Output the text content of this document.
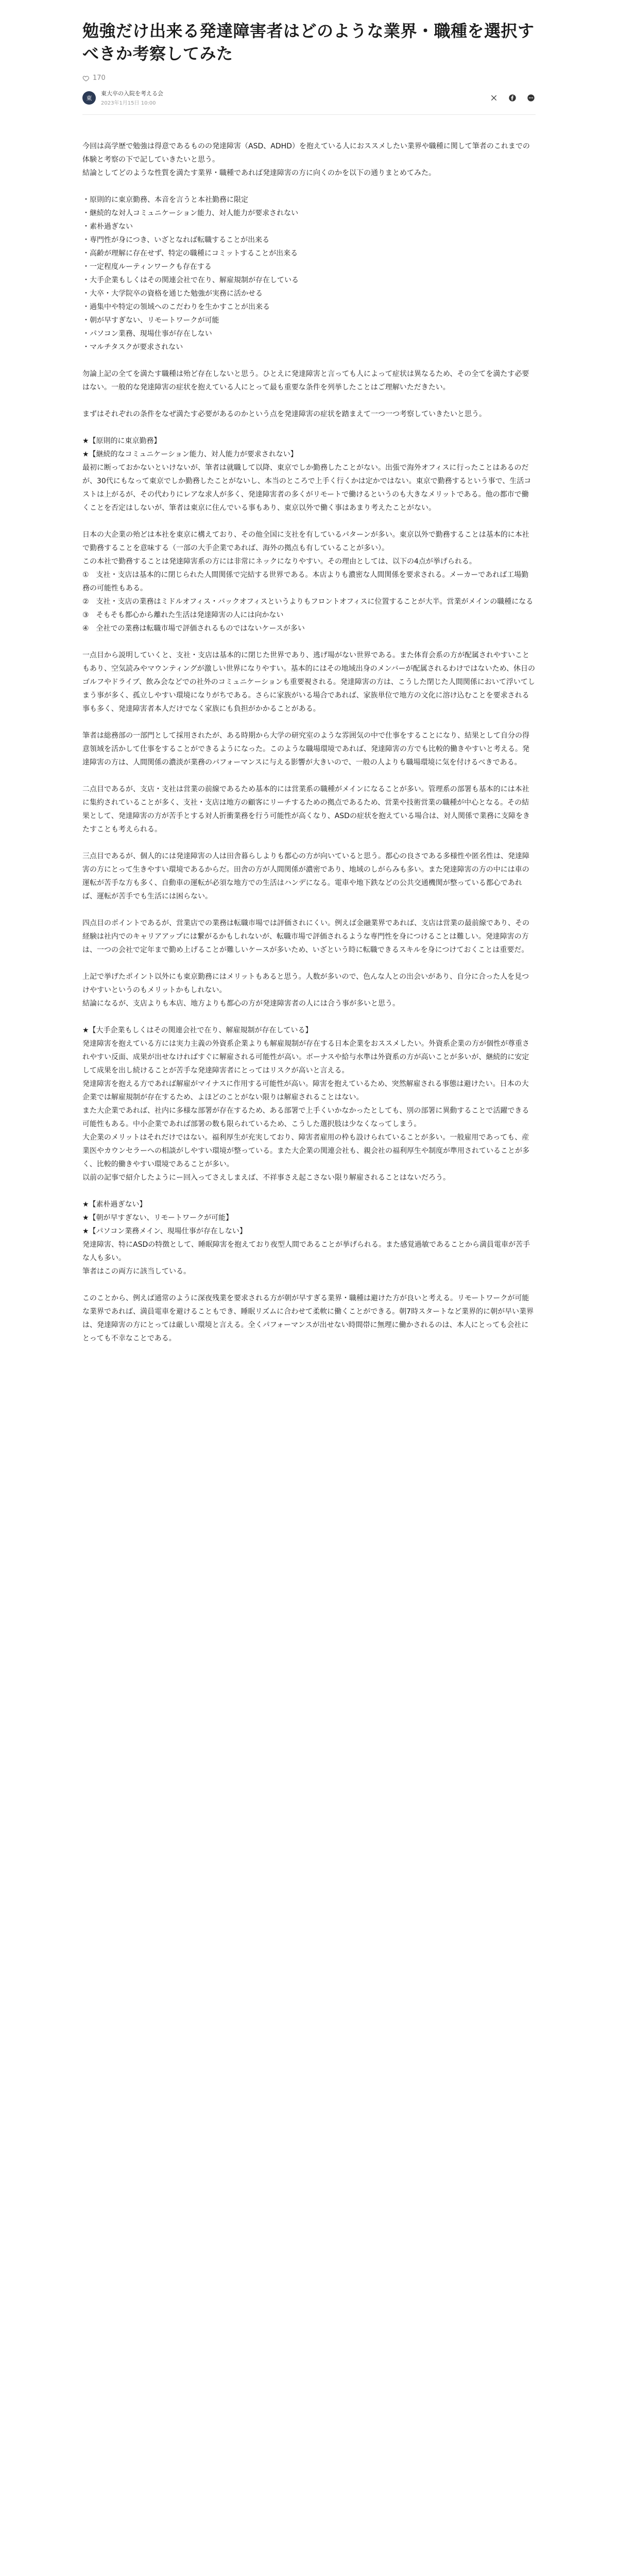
勉強だけ出来る発達障害者はどのような業界・職種を選択すべきか考察してみた
170
東
東大卒の入院を考える会
2023年1月15日 10:00

今回は高学歴で勉強は得意であるものの発達障害（ASD、ADHD）を抱えている人におススメしたい業界や職種に関して筆者のこれまでの体験と考察の下で記していきたいと思う。
結論としてどのような性質を満たす業界・職種であれば発達障害の方に向くのかを以下の通りまとめてみた。

・原則的に東京勤務、本音を言うと本社勤務に限定
・継続的な対人コミュニケーション能力、対人能力が要求されない
・素朴過ぎない
・専門性が身につき、いざとなれば転職することが出来る
・高齢が理解に存在せず、特定の職種にコミットすることが出来る
・一定程度ルーティンワークも存在する
・大手企業もしくはその関連会社で在り、解雇規制が存在している
・大卒・大学院卒の資格を通じた勉強が実務に活かせる
・過集中や特定の領域へのこだわりを生かすことが出来る
・朝が早すぎない、リモートワークが可能
・パソコン業務、現場仕事が存在しない
・マルチタスクが要求されない

勿論上記の全てを満たす職種は殆ど存在しないと思う。ひとえに発達障害と言っても人によって症状は異なるため、その全てを満たす必要はない。一般的な発達障害の症状を抱えている人にとって最も重要な条件を列挙したことはご理解いただきたい。

まずはそれぞれの条件をなぜ満たす必要があるのかという点を発達障害の症状を踏まえて一つ一つ考察していきたいと思う。

★【原則的に東京勤務】
★【継続的なコミュニケーション能力、対人能力が要求されない】
最初に断っておかないといけないが、筆者は就職して以降、東京でしか勤務したことがない。出張で海外オフィスに行ったことはあるのだが、30代にもなって東京でしか勤務したことがないし、本当のところで上手く行くかは定かではない。東京で勤務するという事で、生活コストは上がるが、その代わりにレアな求人が多く、発達障害者の多くがリモートで働けるというのも大きなメリットである。他の都市で働くことを否定はしないが、筆者は東京に住んでいる事もあり、東京以外で働く事はあまり考えたことがない。

日本の大企業の殆どは本社を東京に構えており、その他全国に支社を有しているパターンが多い。東京以外で勤務することは基本的に本社で勤務することを意味する（一部の大手企業であれば、海外の拠点も有していることが多い）。
この本社で勤務することは発達障害系の方には非常にネックになりやすい。その理由としては、以下の4点が挙げられる。
①　支社・支店は基本的に閉じられた人間関係で完結する世界である。本店よりも濃密な人間関係を要求される。メーカーであれば工場勤務の可能性もある。
②　支社・支店の業務はミドルオフィス・バックオフィスというよりもフロントオフィスに位置することが大半。営業がメインの職種になる
③　そもそも都心から離れた生活は発達障害の人には向かない
④　全社での業務は転職市場で評価されるものではないケースが多い

一点目から説明していくと、支社・支店は基本的に閉じた世界であり、逃げ場がない世界である。また体育会系の方が配属されやすいこともあり、空気読みやマウンティングが激しい世界になりやすい。基本的にはその地域出身のメンバーが配属されるわけではないため、休日のゴルフやドライブ、飲み会などでの社外のコミュニケーションも重要視される。発達障害の方は、こうした閉じた人間関係において浮いてしまう事が多く、孤立しやすい環境になりがちである。さらに家族がいる場合であれば、家族単位で地方の文化に溶け込むことを要求される事も多く、発達障害者本人だけでなく家族にも負担がかかることがある。

筆者は総務部の一部門として採用されたが、ある時期から大学の研究室のような雰囲気の中で仕事をすることになり、結果として自分の得意領域を活かして仕事をすることができるようになった。このような職場環境であれば、発達障害の方でも比較的働きやすいと考える。発達障害の方は、人間関係の濃淡が業務のパフォーマンスに与える影響が大きいので、一般の人よりも職場環境に気を付けるべきである。

二点目であるが、支店・支社は営業の前線であるため基本的には営業系の職種がメインになることが多い。管理系の部署も基本的には本社に集約されていることが多く、支社・支店は地方の顧客にリーチするための拠点であるため、営業や技術営業の職種が中心となる。その結果として、発達障害の方が苦手とする対人折衝業務を行う可能性が高くなり、ASDの症状を抱えている場合は、対人関係で業務に支障をきたすことも考えられる。

三点目であるが、個人的には発達障害の人は田舎暮らしよりも都心の方が向いていると思う。都心の良さである多様性や匿名性は、発達障害の方にとって生きやすい環境であるからだ。田舎の方が人間関係が濃密であり、地域のしがらみも多い。また発達障害の方の中には車の運転が苦手な方も多く、自動車の運転が必須な地方での生活はハンデになる。電車や地下鉄などの公共交通機関が整っている都心であれば、運転が苦手でも生活には困らない。

四点目のポイントであるが、営業店での業務は転職市場では評価されにくい。例えば金融業界であれば、支店は営業の最前線であり、その経験は社内でのキャリアアップには繋がるかもしれないが、転職市場で評価されるような専門性を身につけることは難しい。発達障害の方は、一つの会社で定年まで勤め上げることが難しいケースが多いため、いざという時に転職できるスキルを身につけておくことは重要だ。

上記で挙げたポイント以外にも東京勤務にはメリットもあると思う。人数が多いので、色んな人との出会いがあり、自分に合った人を見つけやすいというのもメリットかもしれない。
結論になるが、支店よりも本店、地方よりも都心の方が発達障害者の人には合う事が多いと思う。

★【大手企業もしくはその関連会社で在り、解雇規制が存在している】
発達障害を抱えている方には実力主義の外資系企業よりも解雇規制が存在する日本企業をおススメしたい。外資系企業の方が個性が尊重されやすい反面、成果が出せなければすぐに解雇される可能性が高い。ボーナスや給与水準は外資系の方が高いことが多いが、継続的に安定して成果を出し続けることが苦手な発達障害者にとってはリスクが高いと言える。
発達障害を抱える方であれば解雇がマイナスに作用する可能性が高い。障害を抱えているため、突然解雇される事態は避けたい。日本の大企業では解雇規制が存在するため、よほどのことがない限りは解雇されることはない。
また大企業であれば、社内に多様な部署が存在するため、ある部署で上手くいかなかったとしても、別の部署に異動することで活躍できる可能性もある。中小企業であれば部署の数も限られているため、こうした選択肢は少なくなってしまう。
大企業のメリットはそれだけではない。福利厚生が充実しており、障害者雇用の枠も設けられていることが多い。一般雇用であっても、産業医やカウンセラーへの相談がしやすい環境が整っている。また大企業の関連会社も、親会社の福利厚生や制度が準用されていることが多く、比較的働きやすい環境であることが多い。
以前の記事で紹介したようにー回入ってさえしまえば、不祥事さえ起こさない限り解雇されることはないだろう。

★【素朴過ぎない】
★【朝が早すぎない、リモートワークが可能】
★【パソコン業務メイン、現場仕事が存在しない】
発達障害、特にASDの特徴として、睡眠障害を抱えており夜型人間であることが挙げられる。また感覚過敏であることから満員電車が苦手な人も多い。
筆者はこの両方に該当している。

このことから、例えば通常のように深夜残業を要求される方が朝が早すぎる業界・職種は避けた方が良いと考える。リモートワークが可能な業界であれば、満員電車を避けることもでき、睡眠リズムに合わせて柔軟に働くことができる。朝7時スタートなど業界的に朝が早い業界は、発達障害の方にとっては厳しい環境と言える。全くパフォーマンスが出せない時間帯に無理に働かされるのは、本人にとっても会社にとっても不幸なことである。
